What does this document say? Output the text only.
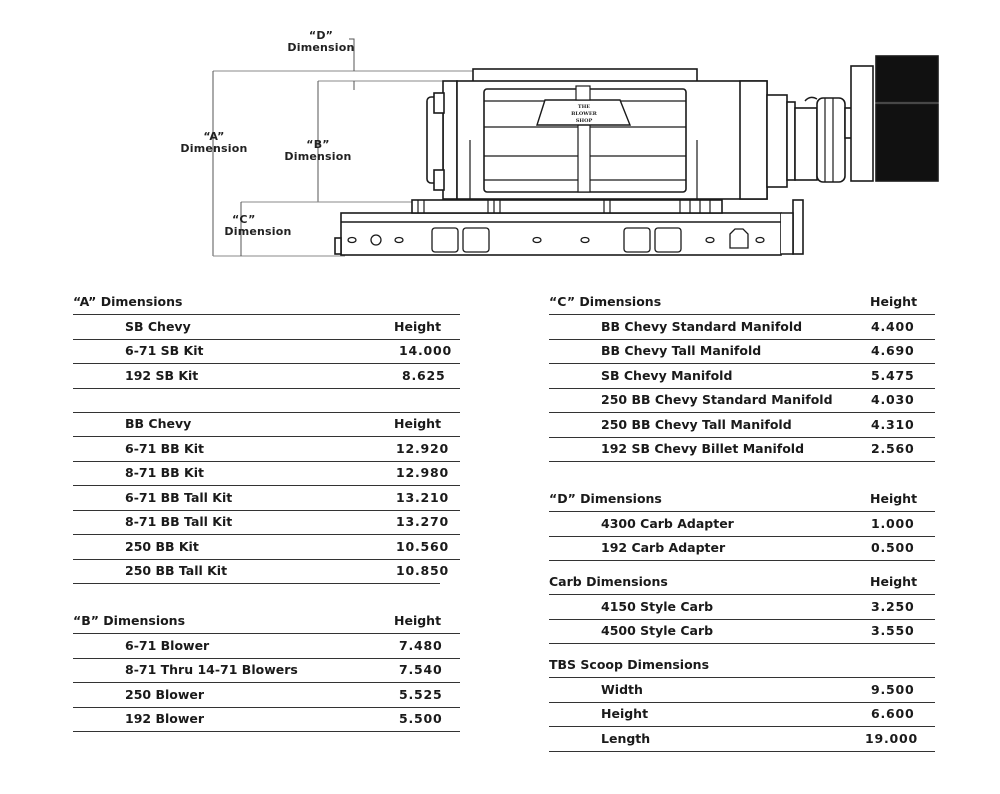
THE
BLOWER
SHOP
“D”
Dimension
“A”
Dimension	“B”
Dimension
“C”
Dimension
“A” Dimensions
SB Chevy	Height
6-71 SB Kit	14.000
192 SB Kit	8.625
BB Chevy	Height
6-71 BB Kit	12.920
8-71 BB Kit	12.980
6-71 BB Tall Kit	13.210
8-71 BB Tall Kit	13.270
250 BB Kit	10.560
250 BB Tall Kit	10.850
“B” Dimensions	Height
6-71 Blower	7.480
8-71 Thru 14-71 Blowers	7.540
250 Blower	5.525
192 Blower	5.500
“C” Dimensions	Height
BB Chevy Standard Manifold	4.400
BB Chevy Tall Manifold	4.690
SB Chevy Manifold	5.475
250 BB Chevy Standard Manifold	4.030
250 BB Chevy Tall Manifold	4.310
192 SB Chevy Billet Manifold	2.560
“D” Dimensions	Height
4300 Carb Adapter	1.000
192 Carb Adapter	0.500
Carb Dimensions	Height
4150 Style Carb	3.250
4500 Style Carb	3.550
TBS Scoop Dimensions
Width	9.500
Height	6.600
Length	19.000
